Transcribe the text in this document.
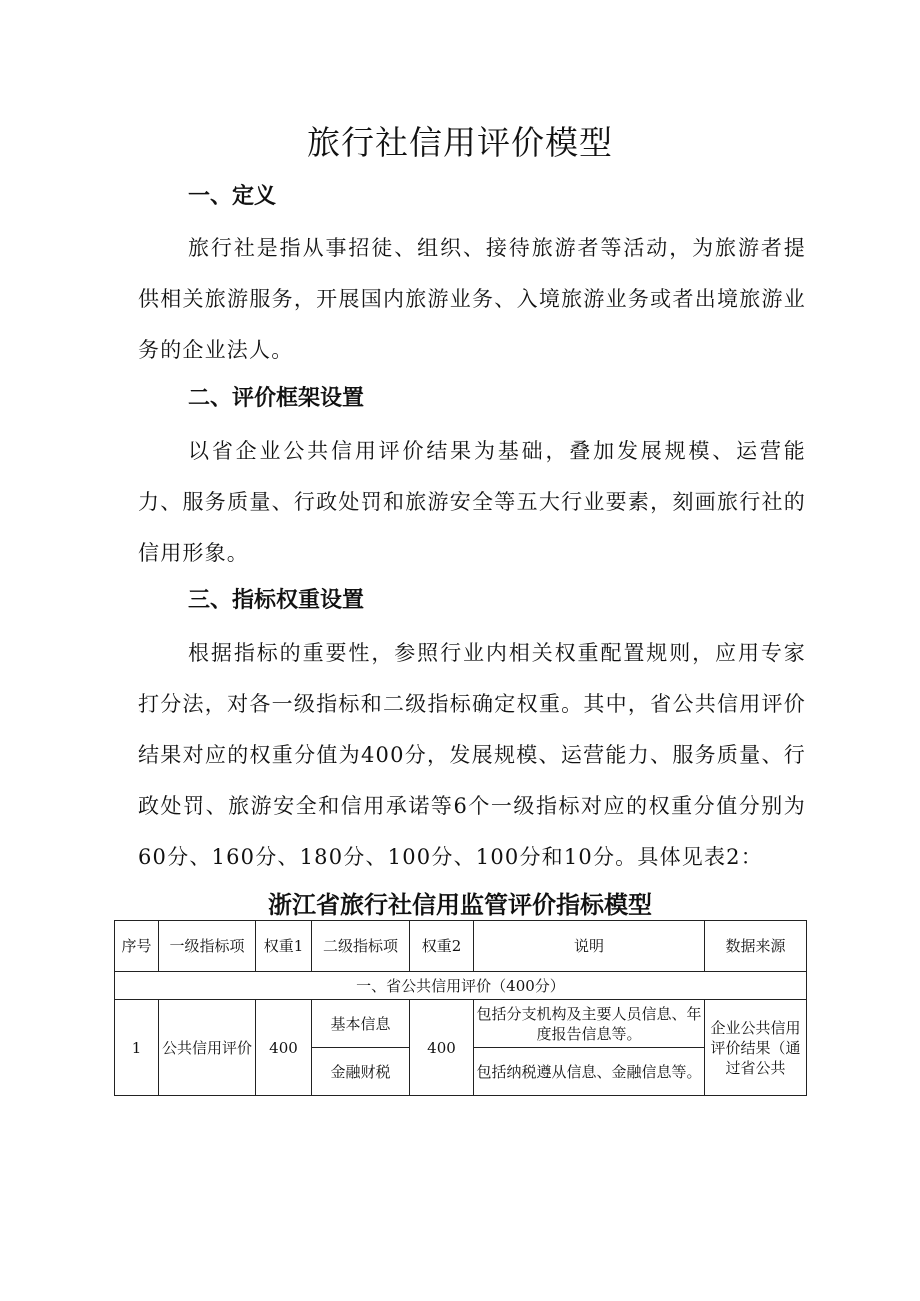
旅行社信用评价模型
一、定义
旅行社是指从事招徒、组织、接待旅游者等活动，为旅游者提供相关旅游服务，开展国内旅游业务、入境旅游业务或者出境旅游业务的企业法人。
二、评价框架设置
以省企业公共信用评价结果为基础，叠加发展规模、运营能力、服务质量、行政处罚和旅游安全等五大行业要素，刻画旅行社的信用形象。
三、指标权重设置
根据指标的重要性，参照行业内相关权重配置规则，应用专家打分法，对各一级指标和二级指标确定权重。其中，省公共信用评价结果对应的权重分值为400分，发展规模、运营能力、服务质量、行政处罚、旅游安全和信用承诺等6个一级指标对应的权重分值分别为60分、160分、180分、100分、100分和10分。具体见表2：
浙江省旅行社信用监管评价指标模型
序号	一级指标项	权重1	二级指标项	权重2	说明	数据来源
一、省公共信用评价（400分）						
1	公共信用评价	400	基本信息	400	包括分支机构及主要人员信息、年度报告信息等。	企业公共信用评价结果（通过省公共
			金融财税		包括纳税遵从信息、金融信息等。	
